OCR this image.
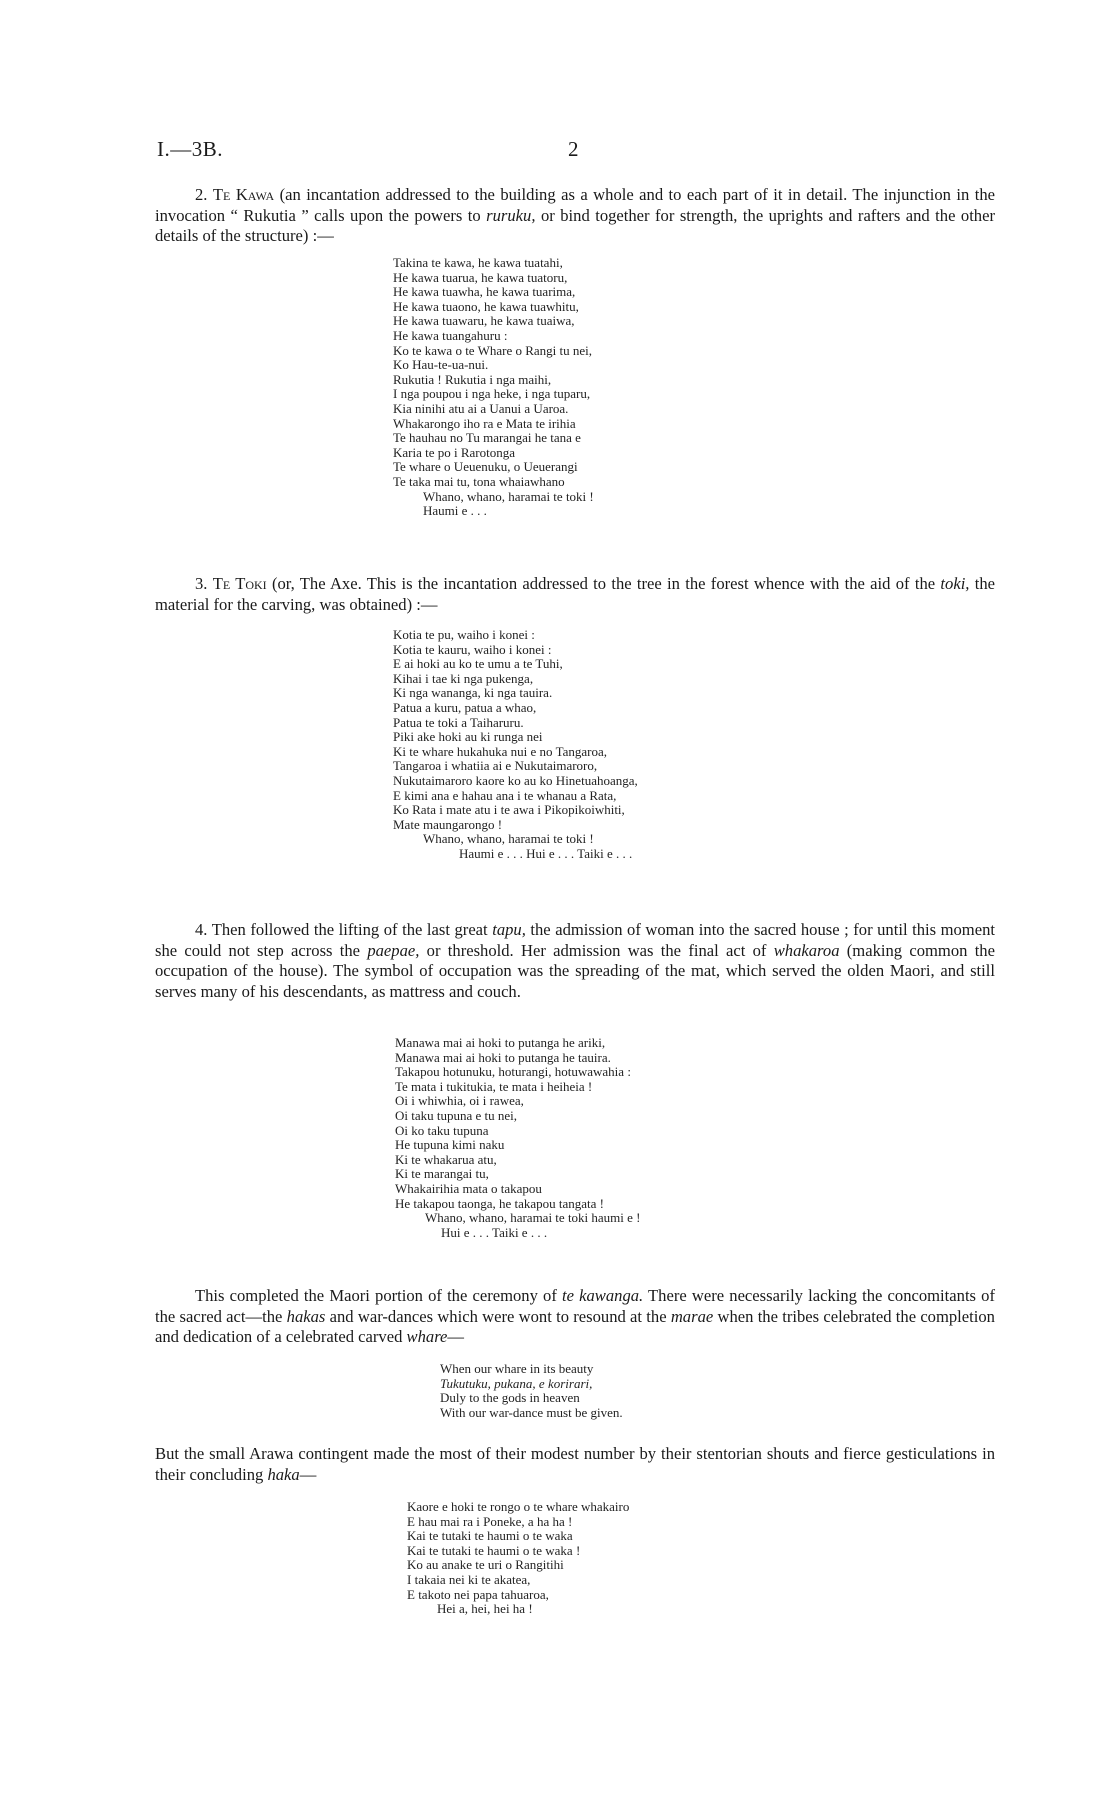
I.—3B.	2

2. Te Kawa (an incantation addressed to the building as a whole and to each part of it in detail. The injunction in the invocation “ Rukutia ” calls upon the powers to ruruku, or bind together for strength, the uprights and rafters and the other details of the structure) :—

Takina te kawa, he kawa tuatahi,
He kawa tuarua, he kawa tuatoru,
He kawa tuawha, he kawa tuarima,
He kawa tuaono, he kawa tuawhitu,
He kawa tuawaru, he kawa tuaiwa,
He kawa tuangahuru :
Ko te kawa o te Whare o Rangi tu nei,
Ko Hau-te-ua-nui.
Rukutia ! Rukutia i nga maihi,
I nga poupou i nga heke, i nga tuparu,
Kia ninihi atu ai a Uanui a Uaroa.
Whakarongo iho ra e Mata te irihia
Te hauhau no Tu marangai he tana e
Karia te po i Rarotonga
Te whare o Ueuenuku, o Ueuerangi
Te taka mai tu, tona whaiawhano
Whano, whano, haramai te toki !
Haumi e . . .

3. Te Toki (or, The Axe. This is the incantation addressed to the tree in the forest whence with the aid of the toki, the material for the carving, was obtained) :—

Kotia te pu, waiho i konei :
Kotia te kauru, waiho i konei :
E ai hoki au ko te umu a te Tuhi,
Kihai i tae ki nga pukenga,
Ki nga wananga, ki nga tauira.
Patua a kuru, patua a whao,
Patua te toki a Taiharuru.
Piki ake hoki au ki runga nei
Ki te whare hukahuka nui e no Tangaroa,
Tangaroa i whatiia ai e Nukutaimaroro,
Nukutaimaroro kaore ko au ko Hinetuahoanga,
E kimi ana e hahau ana i te whanau a Rata,
Ko Rata i mate atu i te awa i Pikopikoiwhiti,
Mate maungarongo !
Whano, whano, haramai te toki !
Haumi e . . . Hui e . . . Taiki e . . .

4. Then followed the lifting of the last great tapu, the admission of woman into the sacred house ; for until this moment she could not step across the paepae, or threshold. Her admission was the final act of whakaroa (making common the occupation of the house). The symbol of occupation was the spreading of the mat, which served the olden Maori, and still serves many of his descendants, as mattress and couch.

Manawa mai ai hoki to putanga he ariki,
Manawa mai ai hoki to putanga he tauira.
Takapou hotunuku, hoturangi, hotuwawahia :
Te mata i tukitukia, te mata i heiheia !
Oi i whiwhia, oi i rawea,
Oi taku tupuna e tu nei,
Oi ko taku tupuna
He tupuna kimi naku
Ki te whakarua atu,
Ki te marangai tu,
Whakairihia mata o takapou
He takapou taonga, he takapou tangata !
Whano, whano, haramai te toki haumi e !
Hui e . . . Taiki e . . .

This completed the Maori portion of the ceremony of te kawanga. There were necessarily lacking the concomitants of the sacred act—the hakas and war-dances which were wont to resound at the marae when the tribes celebrated the completion and dedication of a celebrated carved whare—

When our whare in its beauty
Tukutuku, pukana, e korirari,
Duly to the gods in heaven
With our war-dance must be given.

But the small Arawa contingent made the most of their modest number by their stentorian shouts and fierce gesticulations in their concluding haka—

Kaore e hoki te rongo o te whare whakairo
E hau mai ra i Poneke, a ha ha !
Kai te tutaki te haumi o te waka
Kai te tutaki te haumi o te waka !
Ko au anake te uri o Rangitihi
I takaia nei ki te akatea,
E takoto nei papa tahuaroa,
Hei a, hei, hei ha !
